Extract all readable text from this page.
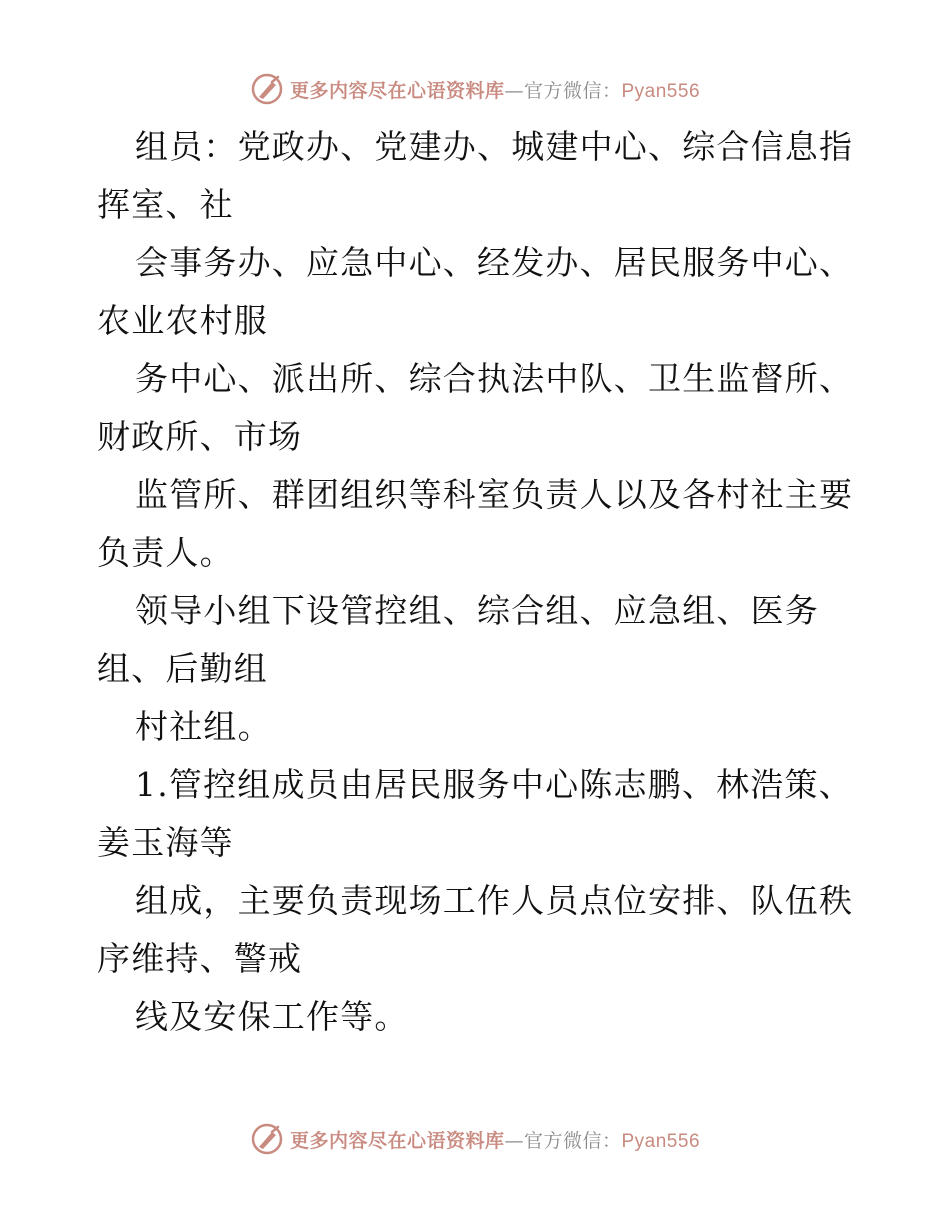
更多内容尽在心语资料库—官方微信：Pyan556
组员：党政办、党建办、城建中心、综合信息指
挥室、社
会事务办、应急中心、经发办、居民服务中心、
农业农村服
务中心、派出所、综合执法中队、卫生监督所、
财政所、市场
监管所、群团组织等科室负责人以及各村社主要
负责人。
领导小组下设管控组、综合组、应急组、医务
组、后勤组
村社组。
1.管控组成员由居民服务中心陈志鹏、林浩策、
姜玉海等
组成，主要负责现场工作人员点位安排、队伍秩
序维持、警戒
线及安保工作等。
更多内容尽在心语资料库—官方微信：Pyan556
